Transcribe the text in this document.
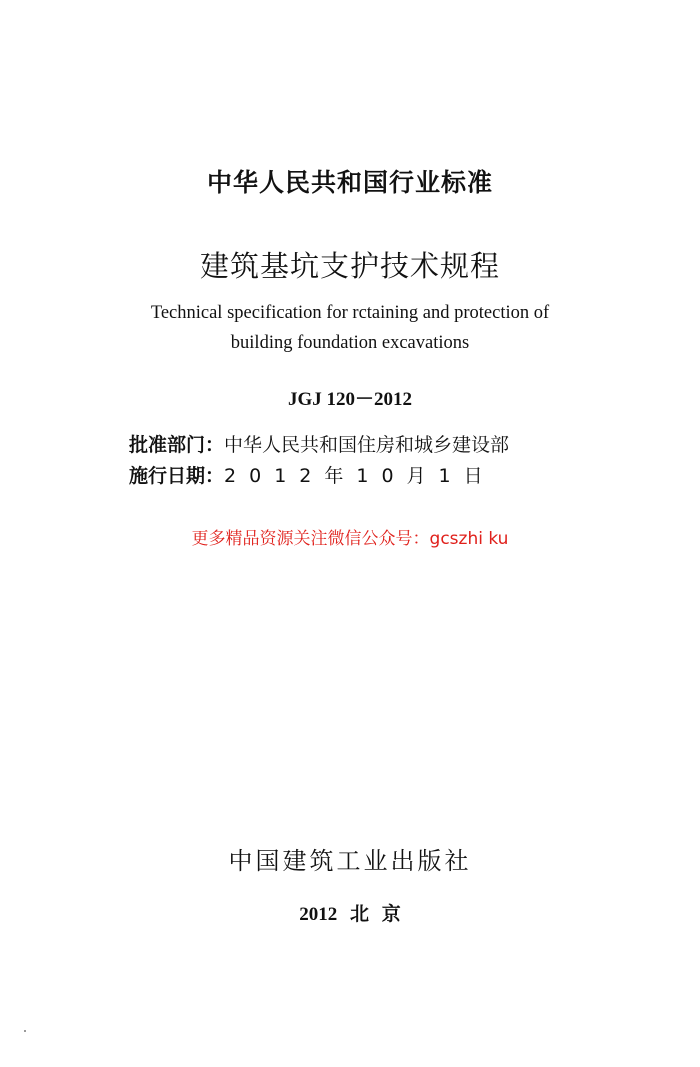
中华人民共和国行业标准
建筑基坑支护技术规程
Technical specification for rctaining and protection of
building foundation excavations
JGJ 120－2012
批准部门：中华人民共和国住房和城乡建设部
施行日期：2012年10月1日
更多精品资源关注微信公众号：gcszhi ku
中国建筑工业出版社
2012 北 京
